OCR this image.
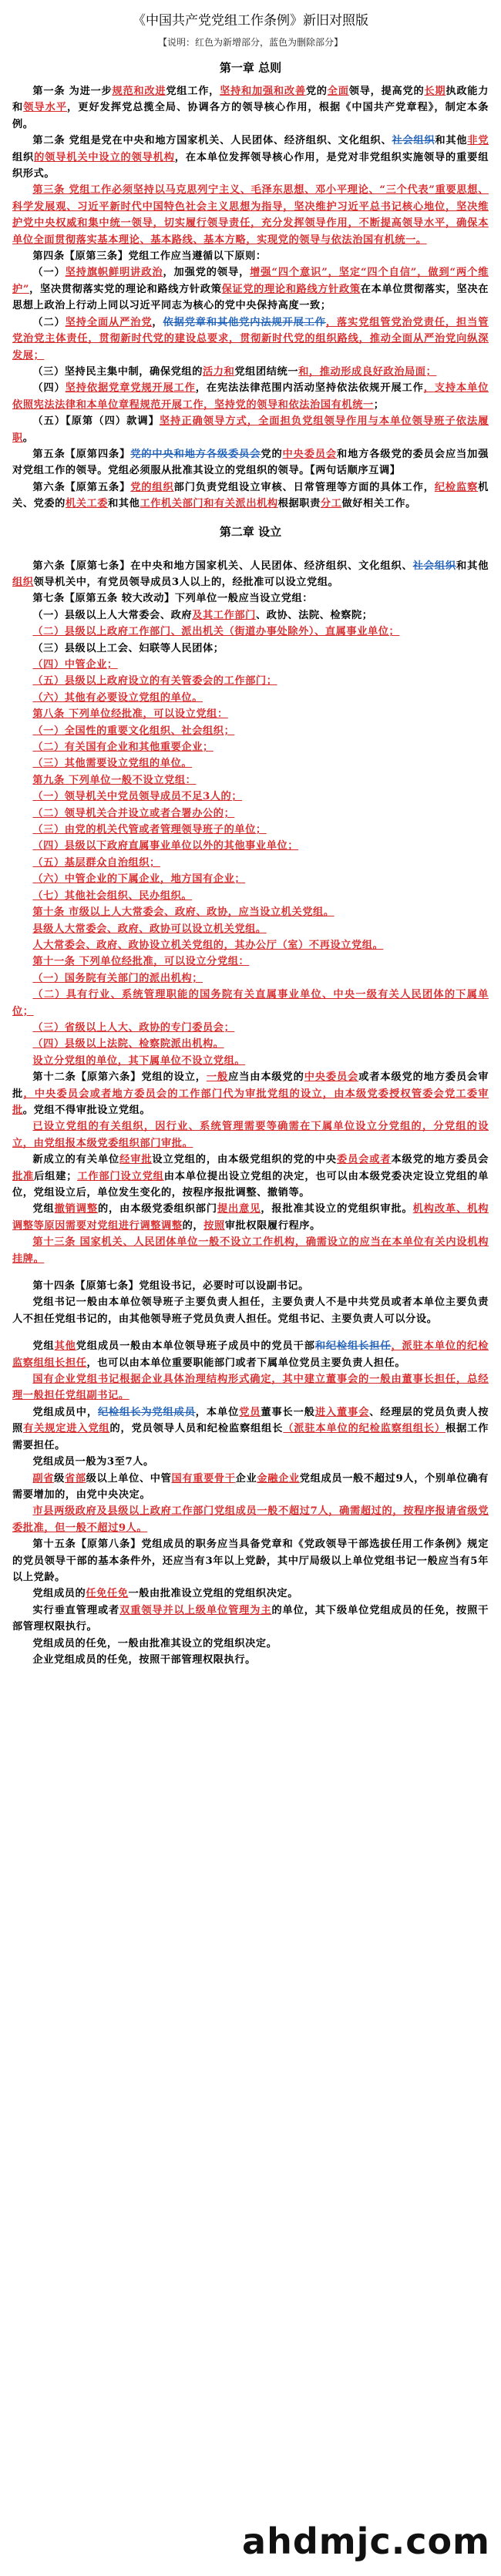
《中国共产党党组工作条例》新旧对照版
【说明：红色为新增部分，蓝色为删除部分】
第一章 总则

第一条 为进一步规范和改进党组工作，坚持和加强和改善党的全面领导，提高党的长期执政能力和领导水平，更好发挥党总揽全局、协调各方的领导核心作用，根据《中国共产党章程》，制定本条例。

第二条 党组是党在中央和地方国家机关、人民团体、经济组织、文化组织、社会组织和其他非党组织的领导机关中设立的领导机构，在本单位发挥领导核心作用，是党对非党组织实施领导的重要组织形式。

第三条 党组工作必须坚持以马克思列宁主义、毛泽东思想、邓小平理论、“三个代表”重要思想、科学发展观、习近平新时代中国特色社会主义思想为指导，坚决维护习近平总书记核心地位，坚决维护党中央权威和集中统一领导，切实履行领导责任，充分发挥领导作用，不断提高领导水平，确保本单位全面贯彻落实基本理论、基本路线、基本方略，实现党的领导与依法治国有机统一。

第四条【原第三条】党组工作应当遵循以下原则：

（一）坚持旗帜鲜明讲政治，加强党的领导，增强“四个意识”，坚定“四个自信”，做到“两个维护”，坚决贯彻落实党的理论和路线方针政策保证党的理论和路线方针政策在本单位贯彻落实，坚决在思想上政治上行动上同以习近平同志为核心的党中央保持高度一致；

（二）坚持全面从严治党，依据党章和其他党内法规开展工作，落实党组管党治党责任，担当管党治党主体责任，贯彻新时代党的建设总要求，贯彻新时代党的组织路线，推动全面从严治党向纵深发展；

（三）坚持民主集中制，确保党组的活力和党组团结统一和，推动形成良好政治局面；

（四）坚持依据党章党规开展工作，在宪法法律范围内活动坚持依法依规开展工作，支持本单位依照宪法法律和本单位章程规范开展工作，坚持党的领导和依法治国有机统一；

（五）【原第（四）款调】坚持正确领导方式，全面担负党组领导作用与本单位领导班子依法履职。

第五条【原第四条】党的中央和地方各级委员会党的中央委员会和地方各级党的委员会应当加强对党组工作的领导。党组必须服从批准其设立的党组织的领导。【两句话顺序互调】

第六条【原第五条】党的组织部门负责党组设立审核、日常管理等方面的具体工作，纪检监察机关、党委的机关工委和其他工作机关部门和有关派出机构根据职责分工做好相关工作。

第二章 设立

第六条【原第七条】在中央和地方国家机关、人民团体、经济组织、文化组织、社会组织和其他组织领导机关中，有党员领导成员3人以上的，经批准可以设立党组。

第七条【原第五条 较大改动】下列单位一般应当设立党组：

（一）县级以上人大常委会、政府及其工作部门、政协、法院、检察院；

（二）县级以上政府工作部门、派出机关（街道办事处除外）、直属事业单位；

（三）县级以上工会、妇联等人民团体；

（四）中管企业；

（五）县级以上政府设立的有关管委会的工作部门；

（六）其他有必要设立党组的单位。

第八条 下列单位经批准，可以设立党组：

（一）全国性的重要文化组织、社会组织；

（二）有关国有企业和其他重要企业；

（三）其他需要设立党组的单位。

第九条 下列单位一般不设立党组：

（一）领导机关中党员领导成员不足3人的；

（二）领导机关合并设立或者合署办公的；

（三）由党的机关代管或者管理领导班子的单位；

（四）县级以下政府直属事业单位以外的其他事业单位；

（五）基层群众自治组织；

（六）中管企业的下属企业，地方国有企业；

（七）其他社会组织、民办组织。

第十条 市级以上人大常委会、政府、政协，应当设立机关党组。

县级人大常委会、政府、政协可以设立机关党组。

人大常委会、政府、政协设立机关党组的，其办公厅（室）不再设立党组。

第十一条 下列单位经批准，可以设立分党组：

（一）国务院有关部门的派出机构；

（二）具有行业、系统管理职能的国务院有关直属事业单位、中央一级有关人民团体的下属单位；

（三）省级以上人大、政协的专门委员会；

（四）县级以上法院、检察院派出机构。

设立分党组的单位，其下属单位不设立党组。

第十二条【原第六条】党组的设立，一般应当由本级党的中央委员会或者本级党的地方委员会审批，中央委员会或者地方委员会的工作部门代为审批党组的设立，由本级党委授权管委会党工委审批。党组不得审批设立党组。

已设立党组的有关组织，因行业、系统管理需要等确需在下属单位设立分党组的，分党组的设立，由党组报本级党委组织部门审批。

新成立的有关单位经审批设立党组的，由本级党组织的党的中央委员会或者本级党的地方委员会批准后组建；工作部门设立党组由本单位提出设立党组的决定，也可以由本级党委决定设立党组的单位，党组设立后，单位发生变化的，按程序报批调整、撤销等。

党组撤销调整的，由本级党委组织部门提出意见，报批准其设立的党组织审批。机构改革、机构调整等原因需要对党组进行调整调整的，按照审批权限履行程序。

第十三条 国家机关、人民团体单位一般不设立工作机构，确需设立的应当在本单位有关内设机构挂牌。

第十四条【原第七条】党组设书记，必要时可以设副书记。

党组书记一般由本单位领导班子主要负责人担任，主要负责人不是中共党员或者本单位主要负责人不担任党组书记的，由其他领导班子党员负责人担任。党组书记、主要负责人可以分设。

党组其他党组成员一般由本单位领导班子成员中的党员干部和纪检组长担任，派驻本单位的纪检监察组组长担任，也可以由本单位重要职能部门或者下属单位党员主要负责人担任。

国有企业党组书记根据企业具体治理结构形式确定，其中建立董事会的一般由董事长担任，总经理一般担任党组副书记。

党组成员中，纪检组长为党组成员，本单位党员董事长一般进入董事会、经理层的党员负责人按照有关规定进入党组的，党员领导人员和纪检监察组组长（派驻本单位的纪检监察组组长）根据工作需要担任。

党组成员一般为3至7人。

副省级省部级以上单位、中管国有重要骨干企业金融企业党组成员一般不超过9人，个别单位确有需要增加的，由党中央决定。

市县两级政府及县级以上政府工作部门党组成员一般不超过7人，确需超过的，按程序报请省级党委批准，但一般不超过9人。

第十五条【原第八条】党组成员的职务应当具备党章和《党政领导干部选拔任用工作条例》规定的党员领导干部的基本条件外，还应当有3年以上党龄，其中厅局级以上单位党组书记一般应当有5年以上党龄。

党组成员的任免任免一般由批准设立党组的党组织决定。

实行垂直管理或者双重领导并以上级单位管理为主的单位，其下级单位党组成员的任免，按照干部管理权限执行。

党组成员的任免，一般由批准其设立的党组织决定。

企业党组成员的任免，按照干部管理权限执行。

ahdmjc.com
